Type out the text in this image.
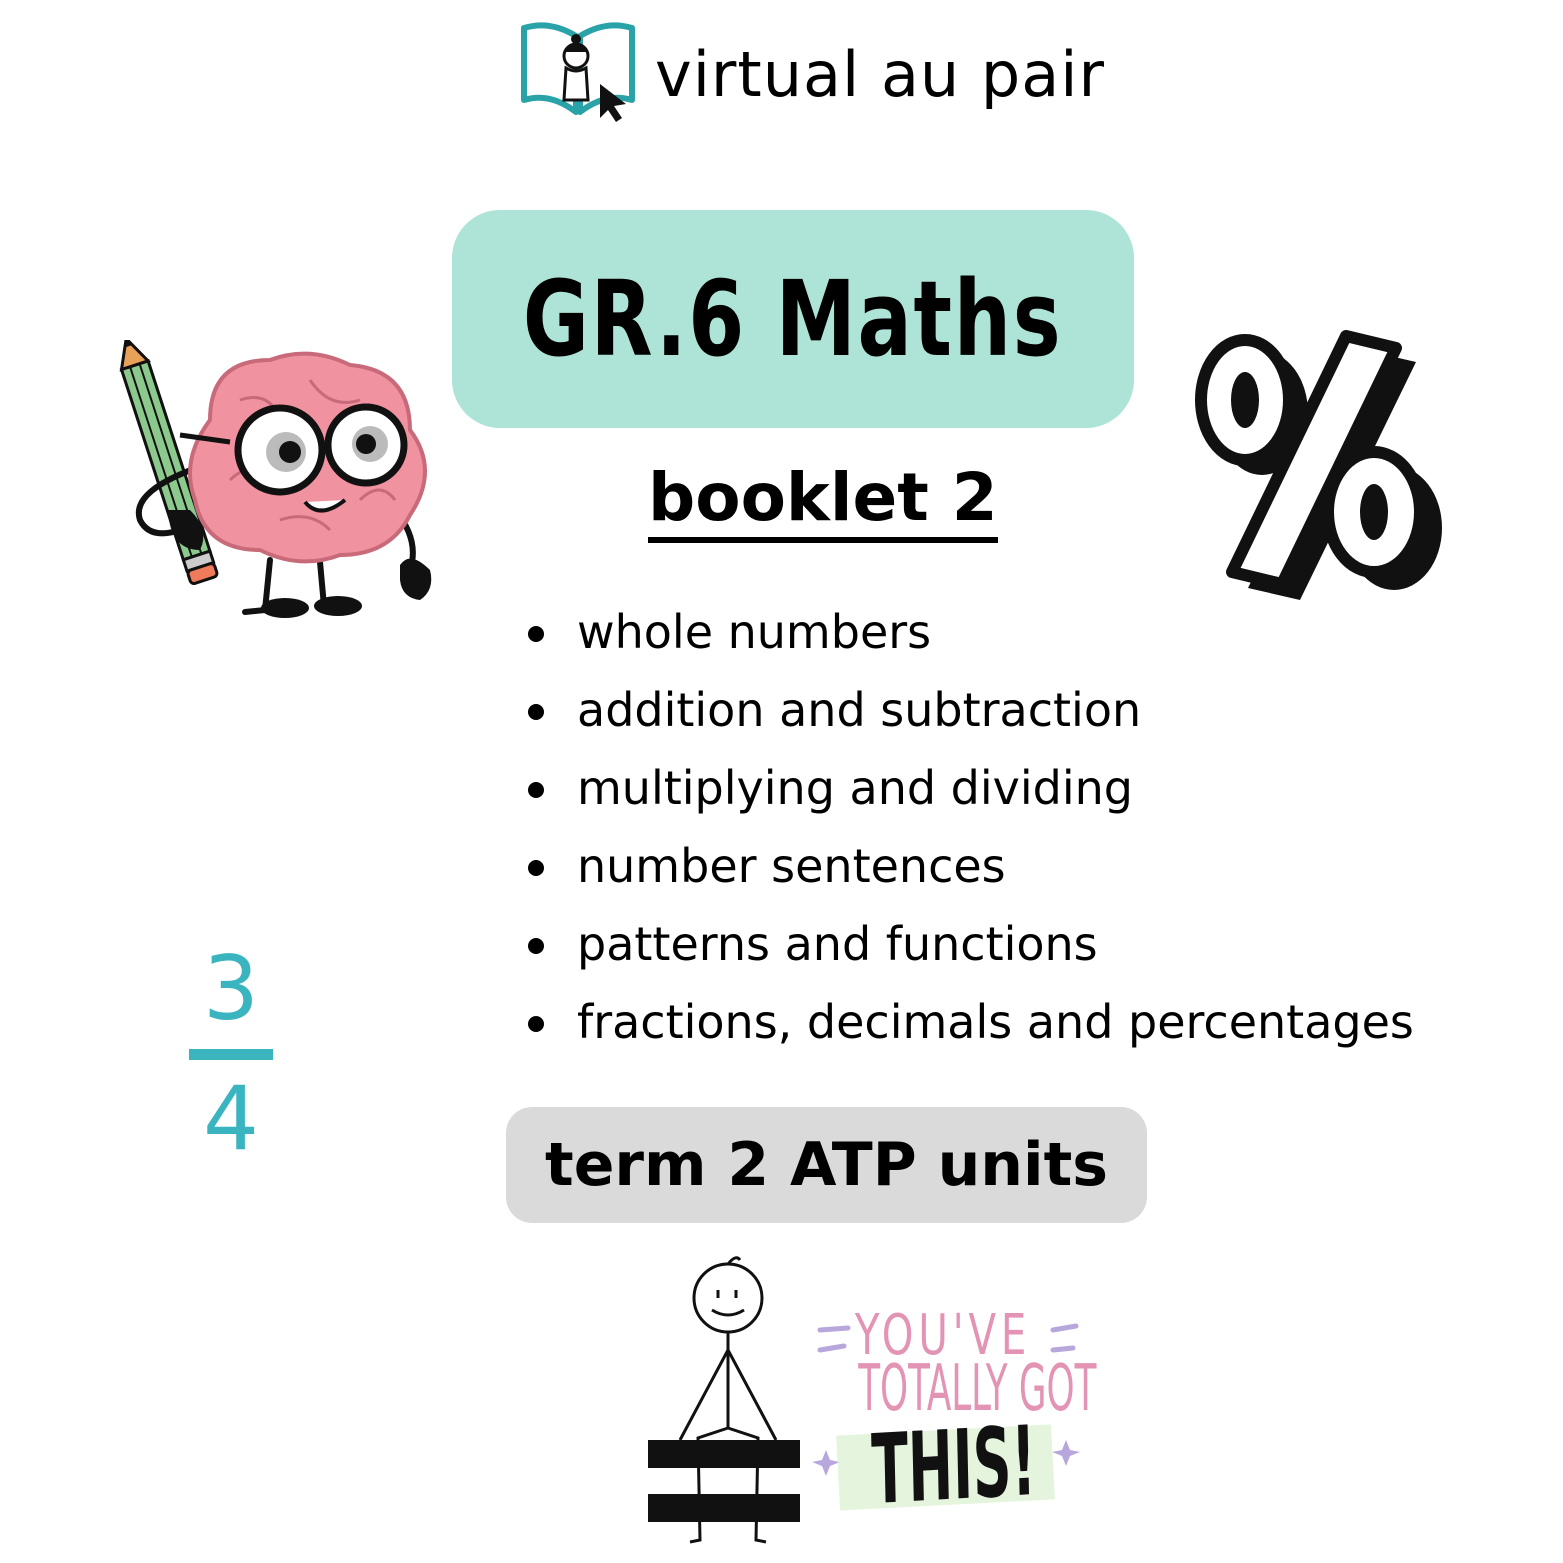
virtual au pair
GR.6 Maths
booklet 2
whole numbers
addition and subtraction
multiplying and dividing
number sentences
patterns and functions
fractions, decimals and percentages
term 2 ATP units
3
4
YOU'VE
TOTALLY GOT
THIS!
